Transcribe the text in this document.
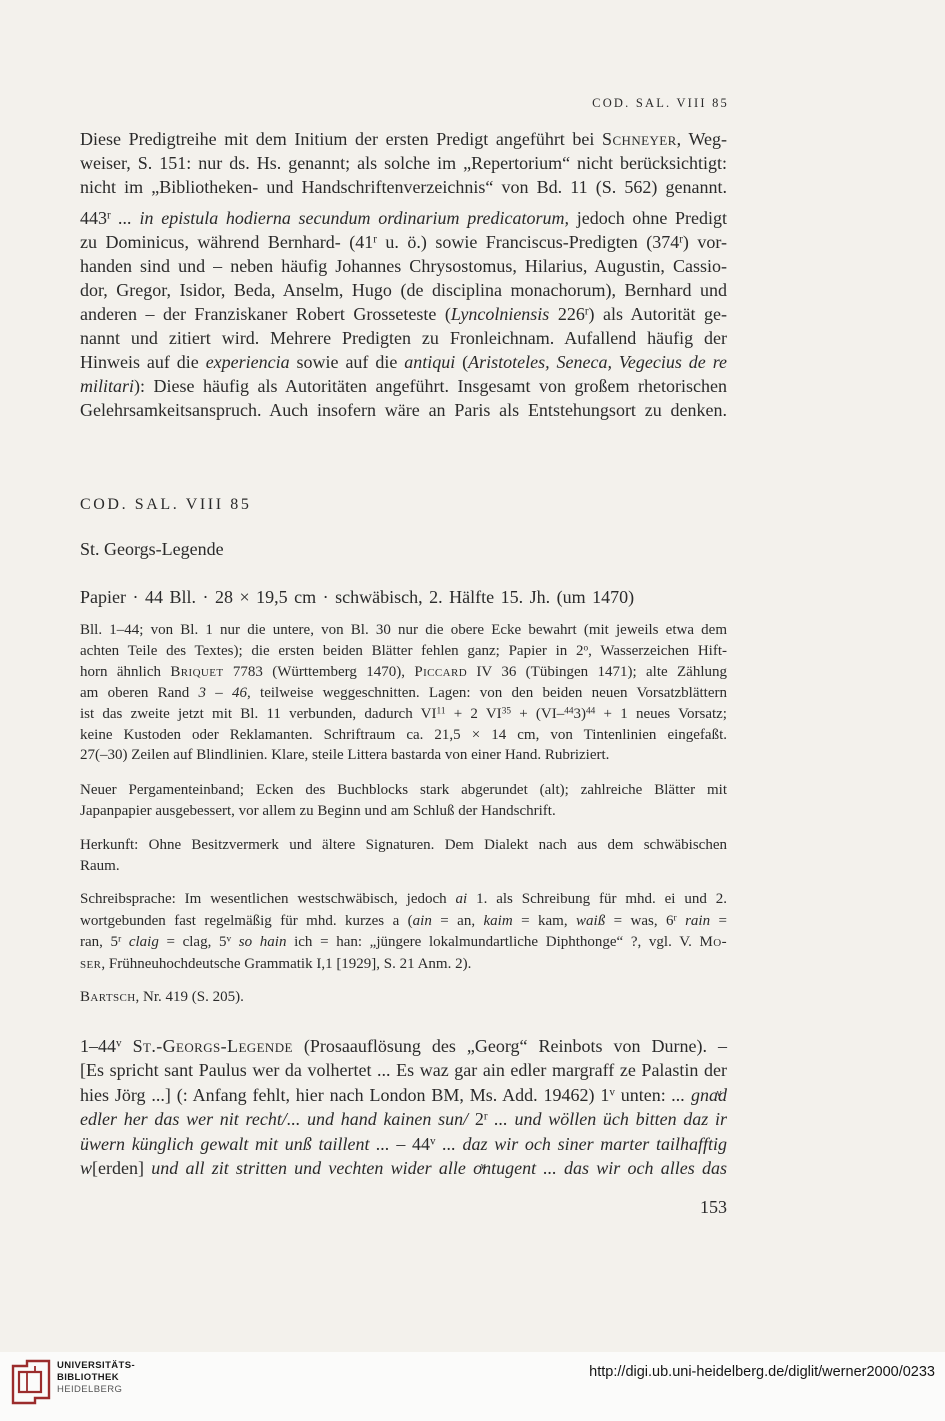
COD. SAL. VIII 85
Diese Predigtreihe mit dem Initium der ersten Predigt angeführt bei Schneyer, Weg-
weiser, S. 151: nur ds. Hs. genannt; als solche im „Repertorium“ nicht berücksichtigt:
nicht im „Bibliotheken- und Handschriftenverzeichnis“ von Bd. 11 (S. 562) genannt.
443$^r$ ... in epistula hodierna secundum ordinarium predicatorum, jedoch ohne Predigt
zu Dominicus, während Bernhard- (41$^r$ u. ö.) sowie Franciscus-Predigten (374$^r$) vor-
handen sind und – neben häufig Johannes Chrysostomus, Hilarius, Augustin, Cassio-
dor, Gregor, Isidor, Beda, Anselm, Hugo (de disciplina monachorum), Bernhard und
anderen – der Franziskaner Robert Grosseteste (Lyncolniensis 226$^r$) als Autorität ge-
nannt und zitiert wird. Mehrere Predigten zu Fronleichnam. Aufallend häufig der
Hinweis auf die experiencia sowie auf die antiqui (Aristoteles, Seneca, Vegecius de re
militari): Diese häufig als Autoritäten angeführt. Insgesamt von großem rhetorischen
Gelehrsamkeitsanspruch. Auch insofern wäre an Paris als Entstehungsort zu denken.
COD. SAL. VIII 85
St. Georgs-Legende
Papier · 44 Bll. · 28 × 19,5 cm · schwäbisch, 2. Hälfte 15. Jh. (um 1470)
Bll. 1–44; von Bl. 1 nur die untere, von Bl. 30 nur die obere Ecke bewahrt (mit jeweils etwa dem
achten Teile des Textes); die ersten beiden Blätter fehlen ganz; Papier in 2$^o$, Wasserzeichen Hift-
horn ähnlich Briquet 7783 (Württemberg 1470), Piccard IV 36 (Tübingen 1471); alte Zählung
am oberen Rand 3 – 46, teilweise weggeschnitten. Lagen: von den beiden neuen Vorsatzblättern
ist das zweite jetzt mit Bl. 11 verbunden, dadurch $VI^{11} + 2$ $VI^{35} + (VI-^{44}3)^{44} + 1$ neues Vorsatz;
keine Kustoden oder Reklamanten. Schriftraum ca. 21,5 × 14 cm, von Tintenlinien eingefaßt.
27(–30) Zeilen auf Blindlinien. Klare, steile Littera bastarda von einer Hand. Rubriziert.
Neuer Pergamenteinband; Ecken des Buchblocks stark abgerundet (alt); zahlreiche Blätter mit
Japanpapier ausgebessert, vor allem zu Beginn und am Schluß der Handschrift.
Herkunft: Ohne Besitzvermerk und ältere Signaturen. Dem Dialekt nach aus dem schwäbischen
Raum.
Schreibsprache: Im wesentlichen westschwäbisch, jedoch ai 1. als Schreibung für mhd. ei und 2.
wortgebunden fast regelmäßig für mhd. kurzes a (ain = an, kaim = kam, waiß = was, 6$^r$ rain =
ran, 5$^r$ claig = clag, 5$^v$ so hain ich = han: „jüngere lokalmundartliche Diphthonge“ ?, vgl. V. Mo-
ser, Frühneuhochdeutsche Grammatik I,1 [1929], S. 21 Anm. 2).
Bartsch, Nr. 419 (S. 205).
1–44$^v$ St.-Georgs-Legende (Prosaauflösung des „Georg“ Reinbots von Durne). –
[Es spricht sant Paulus wer da volhertet ... Es waz gar ain edler margraff ze Palastin der
hies Jörg ...] (: Anfang fehlt, hier nach London BM, Ms. Add. 19462) 1$^v$ unten: ... gnaͮd
edler her das wer nit recht/... und hand kainen sun/ 2$^r$ ... und wöllen üch bitten daz ir
üwern künglich gewalt mit unß taillent ... – 44$^v$ ... daz wir och siner marter tailhafftig
w[erden] und all zit stritten und vechten wider alle oͮntugent ... das wir och alles das
153
UNIVERSITÄTS-
BIBLIOTHEK
HEIDELBERG
http://digi.ub.uni-heidelberg.de/diglit/werner2000/0233
